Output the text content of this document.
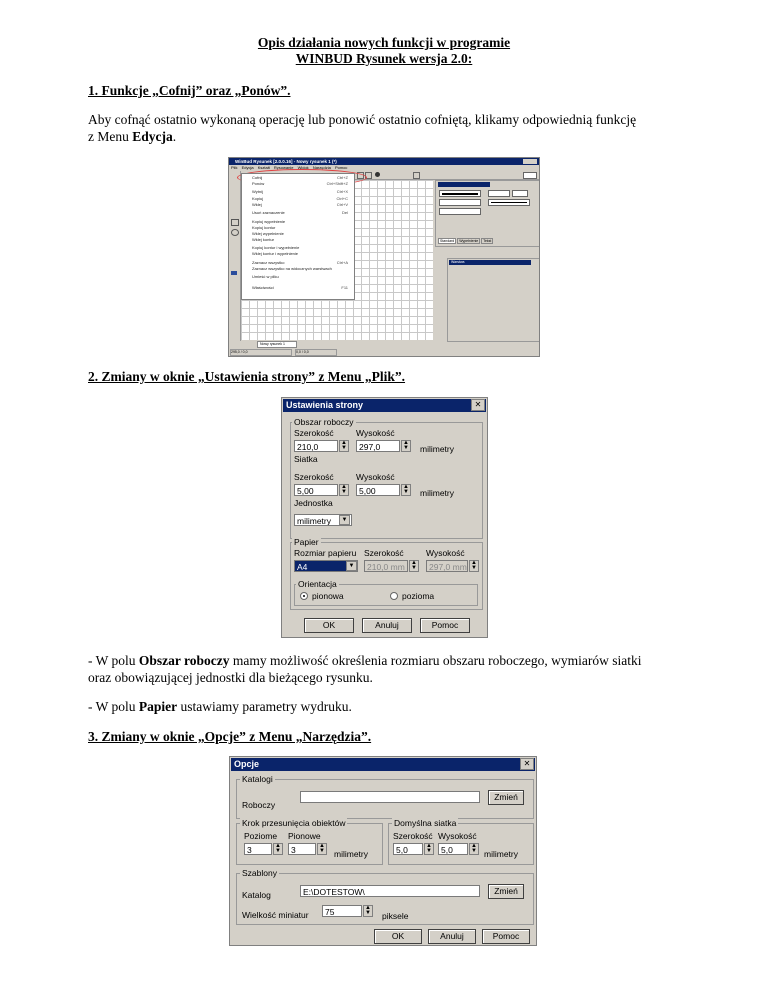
Opis działania nowych funkcji w programie
WINBUD Rysunek wersja 2.0:
1. Funkcje „Cofnij” oraz „Ponów”.
Aby cofnąć ostatnio wykonaną operację lub ponowić ostatnio cofniętą, klikamy odpowiednią funkcję
z Menu Edycja.
WinBud Rysunek [2.0.0.16] - Nowy rysunek 1 (*)
Plik Edycja Kształt Rysowanie Widok Narzędzia Pomoc
Cofnij	Ctrl+Z
Ponów	Ctrl+Shift+Z
Wytnij	Ctrl+X
Kopiuj	Ctrl+C
Wklej	Ctrl+V
Usuń zaznaczenie	Del
Kopiuj wypełnienie
Kopiuj kontur
Wklej wypełnienie
Wklej kontur
Kopiuj kontur i wypełnienie
Wklej kontur i wypełnienie
Zaznacz wszystko	Ctrl+A
Zaznacz wszystko na widocznych warstwach
Umieść w pliku
Właściwości	F11
Standard Wypełnienie Tekst
Warstwa
Nowy rysunek 1
295,0 / 0,0	0,0 / 0,0
2. Zmiany w oknie „Ustawienia strony” z Menu „Plik”.
Ustawienia strony	✕
Obszar roboczy
Szerokość	Wysokość
210,0	▲
▼	297,0	▲
▼ milimetry
Siatka
Szerokość	Wysokość
5,00	▲
▼	5,00	▲
▼ milimetry
Jednostka
milimetry	▼
Papier
Rozmiar papieru Szerokość	Wysokość
A4	▼	210,0 mm	▲
▼	297,0 mm ▲
▼
Orientacja
pionowa	pozioma
OK	Anuluj	Pomoc
- W polu Obszar roboczy mamy możliwość określenia rozmiaru obszaru roboczego, wymiarów siatki
oraz obowiązującej jednostki dla bieżącego rysunku.
- W polu Papier ustawiamy parametry wydruku.
3. Zmiany w oknie „Opcje” z Menu „Narzędzia”.
Opcje	✕
Katalogi
Roboczy
Zmień
Krok przesunięcia obiektów
Poziome Pionowe
3	▲
▼	3	▲
▼ milimetry
Domyślna siatka
Szerokość Wysokość
5,0	▲
▼	5,0	▲
▼ milimetry
Szablony
Katalog	E:\DOTESTOW\	Zmień
Wielkość miniatur	75	▲
▼ piksele
OK	Anuluj	Pomoc
